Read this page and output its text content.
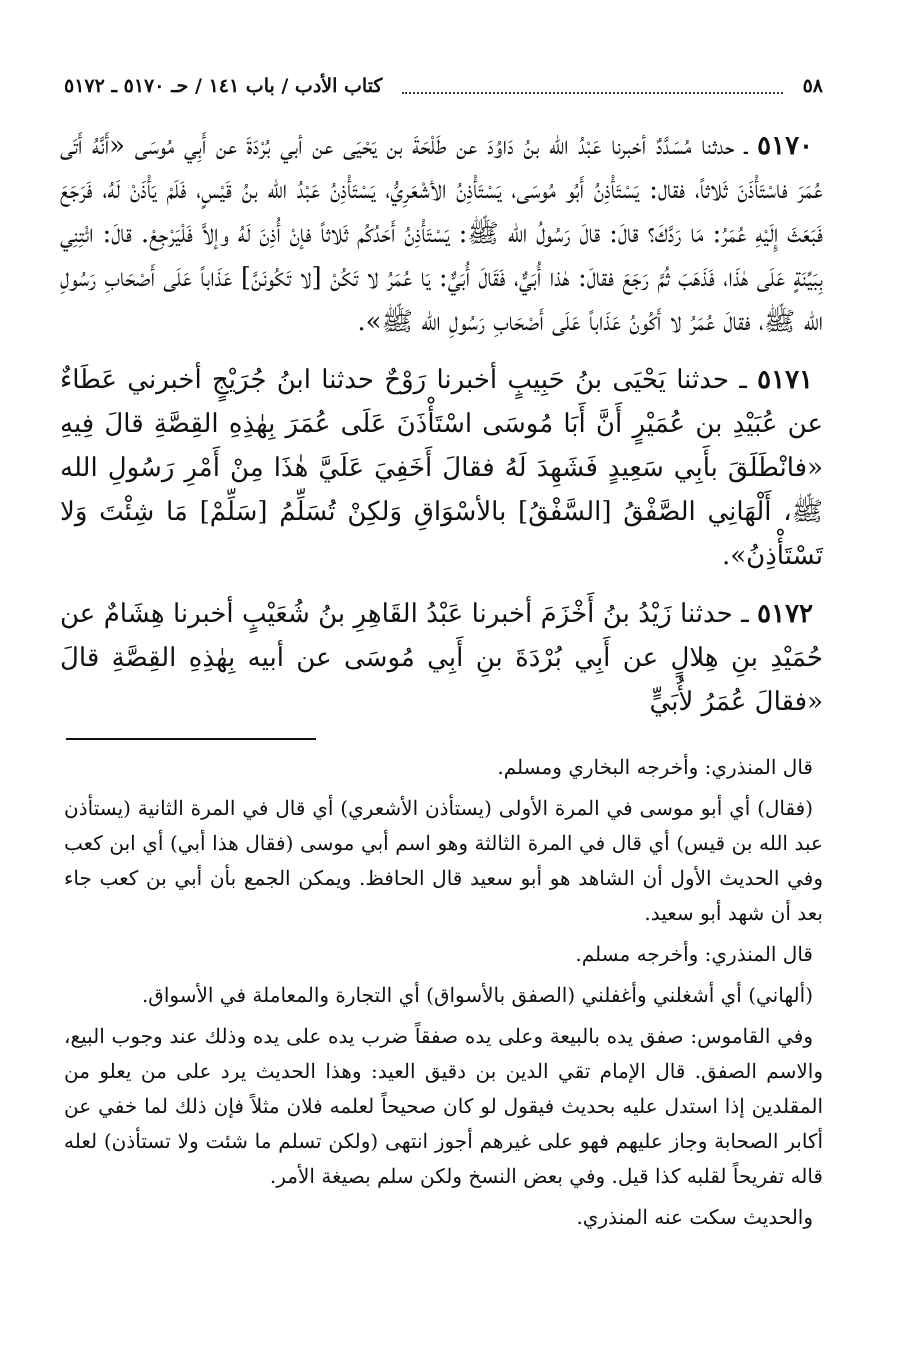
٥٨
كتاب الأدب / باب ١٤١ / حـ ٥١٧٠ ـ ٥١٧٢

٥١٧٠ ـ حدثنا مُسَدَّدٌ أخبرنا عَبْدُ الله بنُ دَاوُدَ عن طَلْحَةَ بن يَحْيَى عن أبي بُرْدَةَ عن أَبِي مُوسَى «أَنَّهُ أَتَى عُمَرَ فاسْتَأْذَنَ ثَلاثاً، فقال: يَسْتَأْذِنُ أَبُو مُوسَى، يَسْتَأْذِنُ الأشْعَرِيُّ، يَسْتَأْذِنُ عَبْدُ الله بنُ قَيْسٍ، فَلَمْ يَأْذَنْ لَهُ، فَرَجَعَ فَبَعَثَ إِلَيْهِ عُمَرُ: مَا رَدَّكَ؟ قالَ: قالَ رَسُولُ الله ﷺ: يَسْتَأْذِنُ أَحَدُكُم ثَلاثاً فإنْ أُذِنَ لَهُ وإلاَّ فَلْيَرْجِعْ. قالَ: ائْتِنِي بِبَيِّنَةٍ عَلَى هٰذَا، فَذَهَبَ ثُمَّ رَجَعَ فقالَ: هٰذا أُبَيٌّ، فَقَالَ أُبَيٌّ: يَا عُمَرُ لا تَكُنْ [لا تَكُونَنَّ] عَذَاباً عَلَى أَصْحَابِ رَسُولِ الله ﷺ، فقالَ عُمَرُ لا أَكُونُ عَذَاباً عَلَى أَصْحَابِ رَسُولِ الله ﷺ».

٥١٧١ ـ حدثنا يَحْيَى بنُ حَبِيبٍ أخبرنا رَوْحٌ حدثنا ابنُ جُرَيْجٍ أخبرني عَطَاءٌ عن عُبَيْدِ بن عُمَيْرٍ أَنَّ أَبَا مُوسَى اسْتَأْذَنَ عَلَى عُمَرَ بِهٰذِهِ القِصَّةِ قالَ فِيهِ «فانْطَلَقَ بأَبِي سَعِيدٍ فَشَهِدَ لَهُ فقالَ أَخَفِيَ عَلَيَّ هٰذَا مِنْ أَمْرِ رَسُولِ الله ﷺ، أَلْهَانِي الصَّفْقُ [السَّفْقُ] بالأسْوَاقِ وَلكِنْ تُسَلِّمُ [سَلِّمْ] مَا شِئْتَ وَلا تَسْتَأْذِنُ».

٥١٧٢ ـ حدثنا زَيْدُ بنُ أَخْزَمَ أخبرنا عَبْدُ القَاهِرِ بنُ شُعَيْبٍ أخبرنا هِشَامٌ عن حُمَيْدِ بنِ هِلالٍ عن أَبِي بُرْدَةَ بنِ أَبِي مُوسَى عن أبيه بِهٰذِهِ القِصَّةِ قالَ «فقالَ عُمَرُ لأُبَيٍّ

قال المنذري: وأخرجه البخاري ومسلم.

(فقال) أي أبو موسى في المرة الأولى (يستأذن الأشعري) أي قال في المرة الثانية (يستأذن عبد الله بن قيس) أي قال في المرة الثالثة وهو اسم أبي موسى (فقال هذا أبي) أي ابن كعب وفي الحديث الأول أن الشاهد هو أبو سعيد قال الحافظ. ويمكن الجمع بأن أبي بن كعب جاء بعد أن شهد أبو سعيد.

قال المنذري: وأخرجه مسلم.

(ألهاني) أي أشغلني وأغفلني (الصفق بالأسواق) أي التجارة والمعاملة في الأسواق.

وفي القاموس: صفق يده بالبيعة وعلى يده صفقاً ضرب يده على يده وذلك عند وجوب البيع، والاسم الصفق. قال الإمام تقي الدين بن دقيق العيد: وهذا الحديث يرد على من يعلو من المقلدين إذا استدل عليه بحديث فيقول لو كان صحيحاً لعلمه فلان مثلاً فإن ذلك لما خفي عن أكابر الصحابة وجاز عليهم فهو على غيرهم أجوز انتهى (ولكن تسلم ما شئت ولا تستأذن) لعله قاله تفريحاً لقلبه كذا قيل. وفي بعض النسخ ولكن سلم بصيغة الأمر.

والحديث سكت عنه المنذري.
